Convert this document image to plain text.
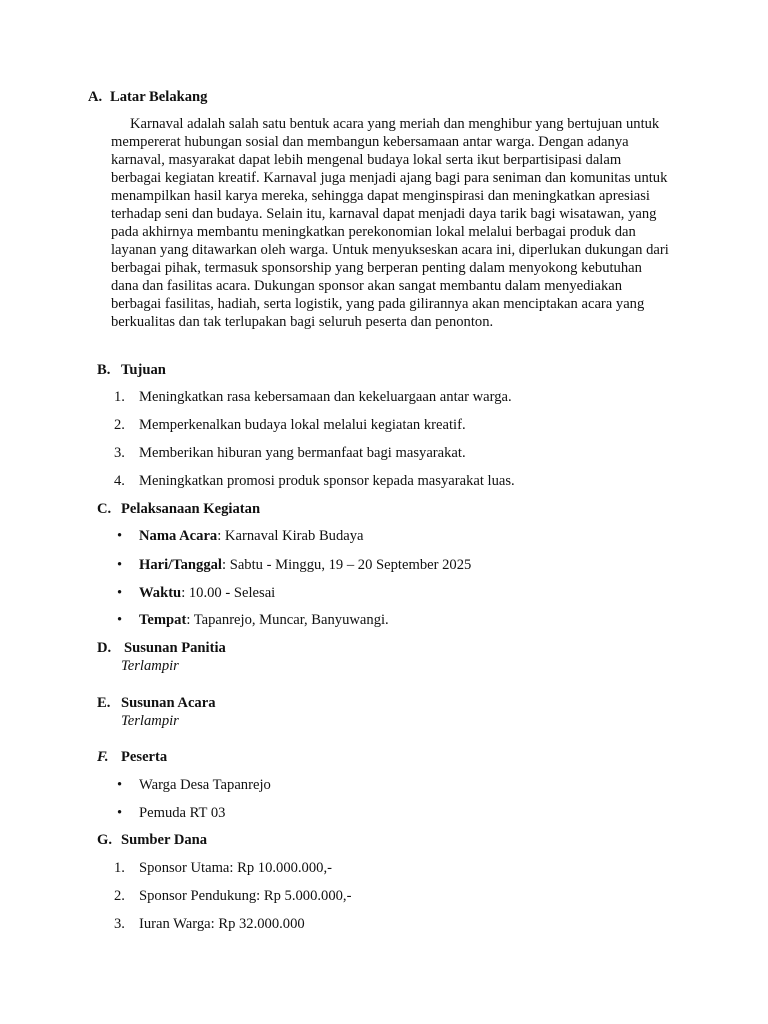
A. Latar Belakang
Karnaval adalah salah satu bentuk acara yang meriah dan menghibur yang bertujuan untuk mempererat hubungan sosial dan membangun kebersamaan antar warga. Dengan adanya karnaval, masyarakat dapat lebih mengenal budaya lokal serta ikut berpartisipasi dalam berbagai kegiatan kreatif. Karnaval juga menjadi ajang bagi para seniman dan komunitas untuk menampilkan hasil karya mereka, sehingga dapat menginspirasi dan meningkatkan apresiasi terhadap seni dan budaya. Selain itu, karnaval dapat menjadi daya tarik bagi wisatawan, yang pada akhirnya membantu meningkatkan perekonomian lokal melalui berbagai produk dan layanan yang ditawarkan oleh warga. Untuk menyukseskan acara ini, diperlukan dukungan dari berbagai pihak, termasuk sponsorship yang berperan penting dalam menyokong kebutuhan dana dan fasilitas acara. Dukungan sponsor akan sangat membantu dalam menyediakan berbagai fasilitas, hadiah, serta logistik, yang pada gilirannya akan menciptakan acara yang berkualitas dan tak terlupakan bagi seluruh peserta dan penonton.
B. Tujuan
1. Meningkatkan rasa kebersamaan dan kekeluargaan antar warga.
2. Memperkenalkan budaya lokal melalui kegiatan kreatif.
3. Memberikan hiburan yang bermanfaat bagi masyarakat.
4. Meningkatkan promosi produk sponsor kepada masyarakat luas.
C. Pelaksanaan Kegiatan
• Nama Acara: Karnaval Kirab Budaya
• Hari/Tanggal: Sabtu - Minggu, 19 – 20 September 2025
• Waktu: 10.00 - Selesai
• Tempat: Tapanrejo, Muncar, Banyuwangi.
D. Susunan Panitia
Terlampir
E. Susunan Acara
Terlampir
F. Peserta
• Warga Desa Tapanrejo
• Pemuda RT 03
G. Sumber Dana
1. Sponsor Utama: Rp 10.000.000,-
2. Sponsor Pendukung: Rp 5.000.000,-
3. Iuran Warga: Rp 32.000.000
